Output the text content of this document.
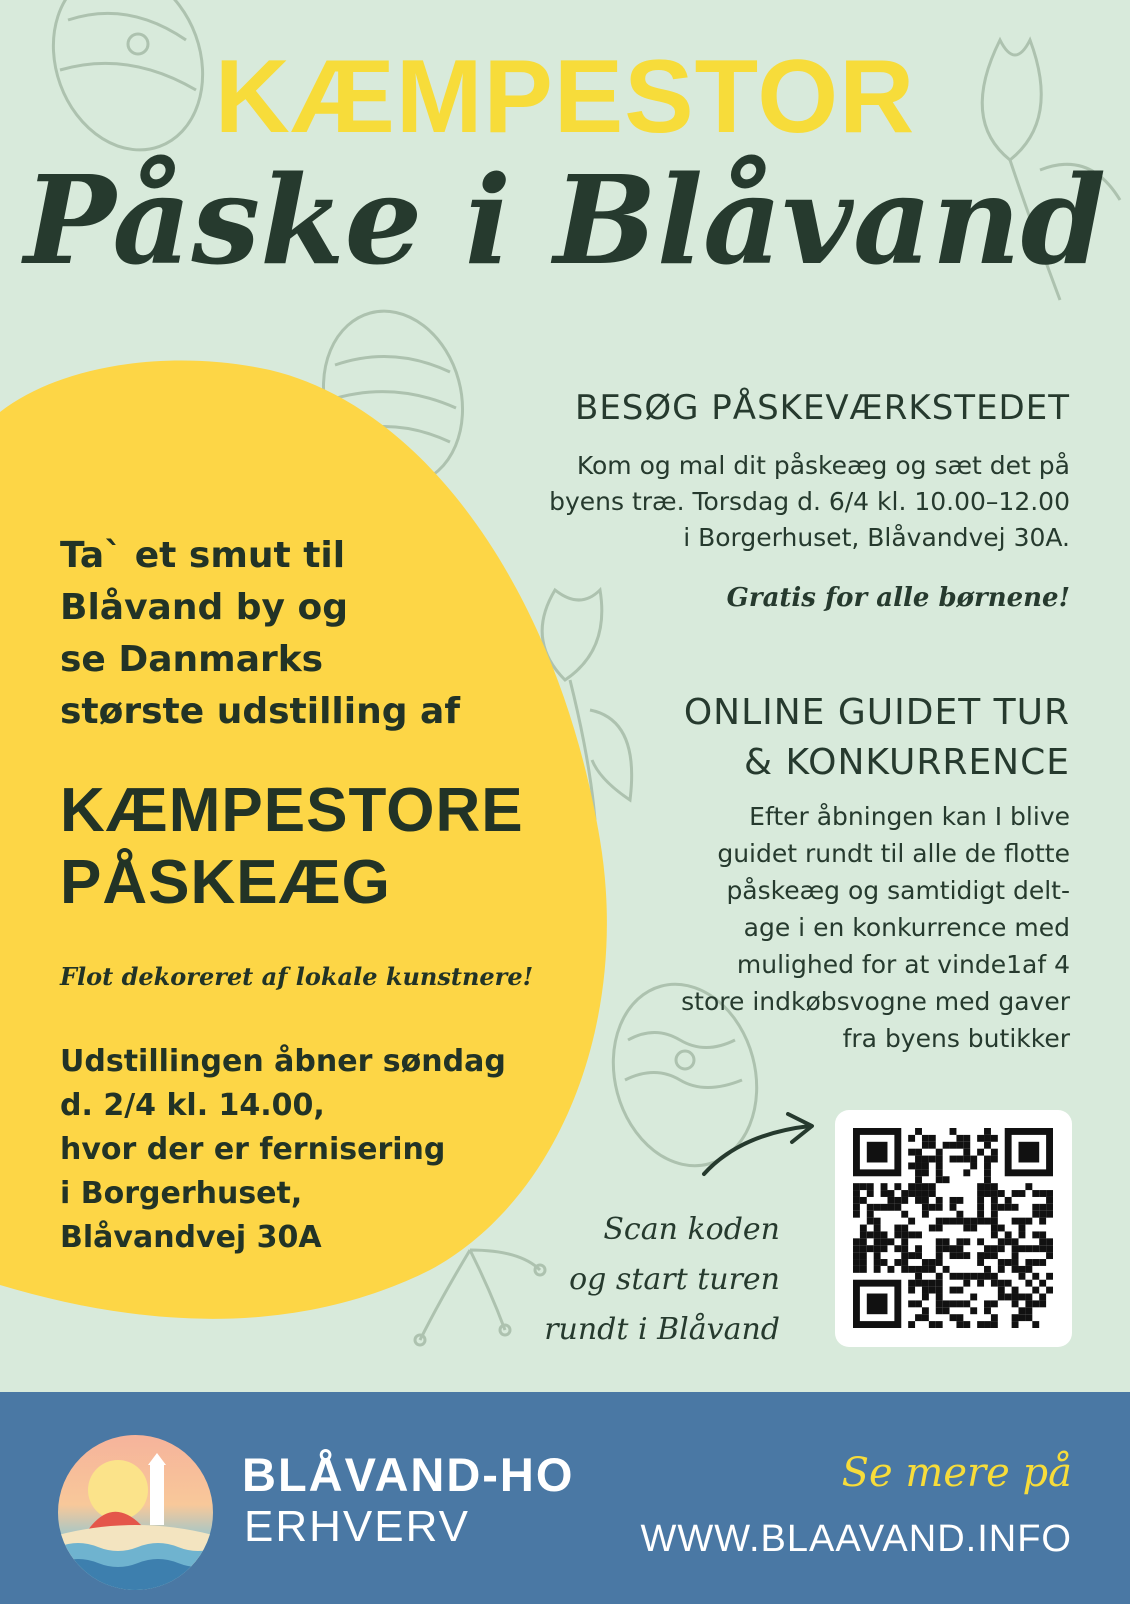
KÆMPESTOR
Påske i Blåvand
Ta` et smut til
Blåvand by og
se Danmarks
største udstilling af
KÆMPESTORE
PÅSKEÆG
Flot dekoreret af lokale kunstnere!
Udstillingen åbner søndag
d. 2/4 kl. 14.00,
hvor der er fernisering
i Borgerhuset,
Blåvandvej 30A
BESØG PÅSKEVÆRKSTEDET
Kom og mal dit påskeæg og sæt det på
byens træ. Torsdag d. 6/4 kl. 10.00–12.00
i Borgerhuset, Blåvandvej 30A.
Gratis for alle børnene!
ONLINE GUIDET TUR
& KONKURRENCE
Efter åbningen kan I blive
guidet rundt til alle de flotte
påskeæg og samtidigt delt-
age i en konkurrence med
mulighed for at vinde1af 4
store indkøbsvogne med gaver
fra byens butikker
Scan koden
og start turen
rundt i Blåvand
BLÅVAND-HO
ERHVERV
Se mere på
WWW.BLAAVAND.INFO
